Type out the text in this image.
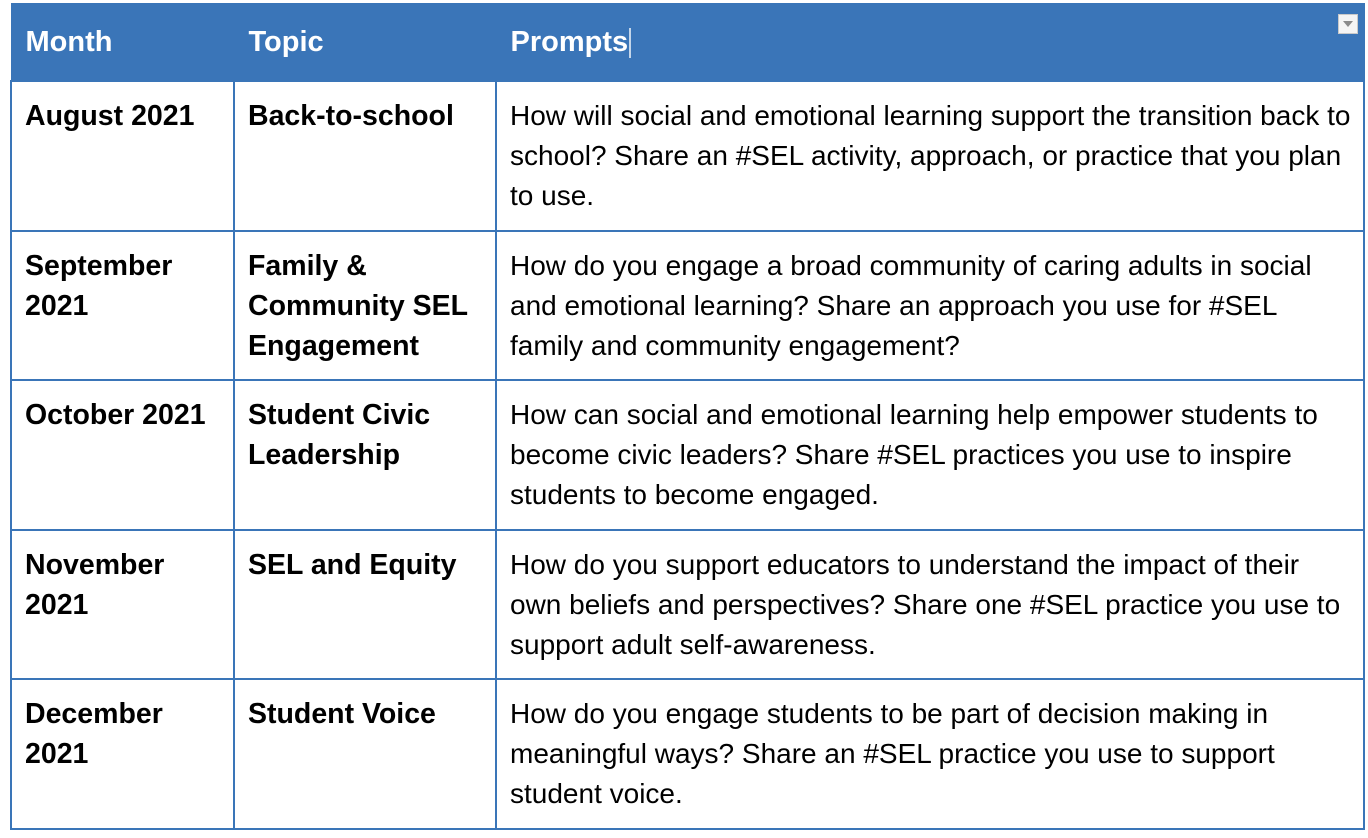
Month	Topic	Prompts

August 2021	Back-to-school	How will social and emotional learning support the transition back to school? Share an #SEL activity, approach, or practice that you plan to use.
September 2021	Family & Community SEL Engagement	How do you engage a broad community of caring adults in social and emotional learning? Share an approach you use for #SEL family and community engagement?
October 2021	Student Civic Leadership	How can social and emotional learning help empower students to become civic leaders? Share #SEL practices you use to inspire students to become engaged.
November 2021	SEL and Equity	How do you support educators to understand the impact of their own beliefs and perspectives? Share one #SEL practice you use to support adult self-awareness.
December 2021	Student Voice	How do you engage students to be part of decision making in meaningful ways? Share an #SEL practice you use to support student voice.
